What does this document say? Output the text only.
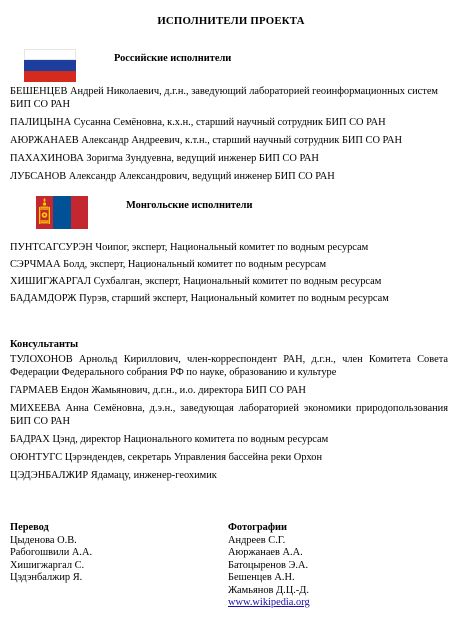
ИСПОЛНИТЕЛИ ПРОЕКТА
Российские исполнители
БЕШЕНЦЕВ Андрей Николаевич, д.г.н., заведующий лабораторией геоинформационных систем БИП СО РАН
ПАЛИЦЫНА Сусанна Семёновна, к.х.н., старший научный сотрудник БИП СО РАН
АЮРЖАНАЕВ Александр Андреевич, к.т.н., старший научный сотрудник БИП СО РАН
ПАХАХИНОВА Зоригма Зундуевна, ведущий инженер БИП СО РАН
ЛУБСАНОВ Александр Александрович, ведущий инженер БИП СО РАН
Монгольские исполнители
ПУНТСАГСУРЭН Чоипог, эксперт, Национальный комитет по водным ресурсам
СЭРЧМАА Болд, эксперт, Национальный комитет по водным ресурсам
ХИШИГЖАРГАЛ Сухбалган, эксперт, Национальный комитет по водным ресурсам
БАДАМДОРЖ Пурэв, старший эксперт, Национальный комитет по водным ресурсам
Консультанты
ТУЛОХОНОВ Арнольд Кириллович, член-корреспондент РАН, д.г.н., член Комитета Совета Федерации Федерального собрания РФ по науке, образованию и культуре
ГАРМАЕВ Ендон Жамьянович, д.г.н., и.о. директора БИП СО РАН
МИХЕЕВА Анна Семёновна, д.э.н., заведующая лабораторией экономики природопользования БИП СО РАН
БАДРАХ Цэнд, директор Национального комитета по водным ресурсам
ОЮНТУГС Цэрэндендев, секретарь Управления бассейна реки Орхон
ЦЭДЭНБАЛЖИР Ядамацу, инженер-геохимик
Перевод
Цыденова О.В.
Рабогошвили А.А.
Хишигжаргал С.
Цэдэнбалжир Я.
Фотографии
Андреев С.Г.
Аюржанаев А.А.
Батоцыренов Э.А.
Бешенцев А.Н.
Жамьянов Д.Ц.-Д.
www.wikipedia.org
